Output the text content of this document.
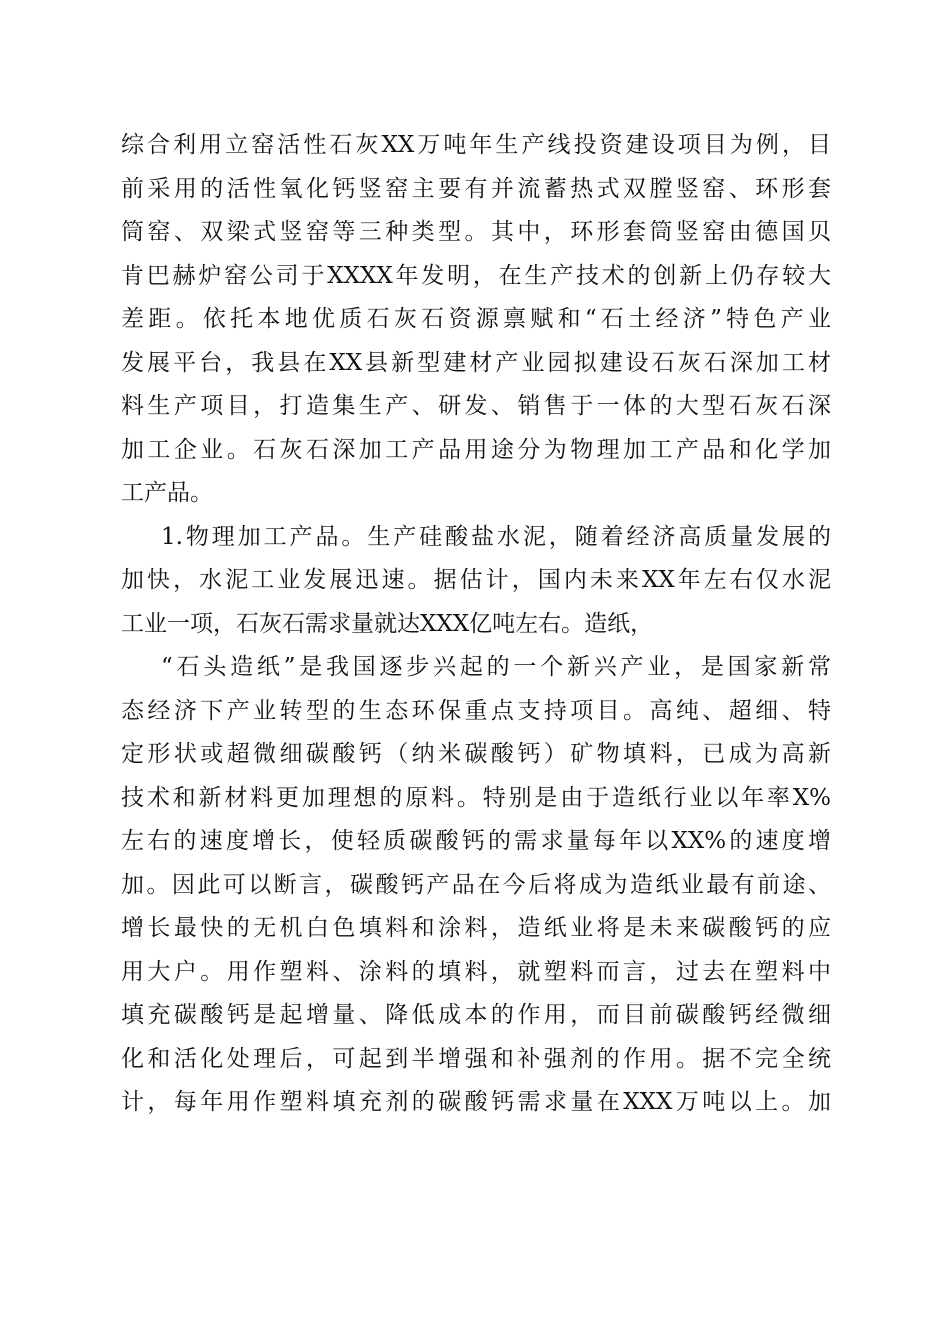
综合利用立窑活性石灰XX万吨年生产线投资建设项目为例，目
前采用的活性氧化钙竖窑主要有并流蓄热式双膛竖窑、环形套
筒窑、双梁式竖窑等三种类型。其中，环形套筒竖窑由德国贝
肯巴赫炉窑公司于XXXX年发明，在生产技术的创新上仍存较大
差距。依托本地优质石灰石资源禀赋和“石土经济”特色产业
发展平台，我县在XX县新型建材产业园拟建设石灰石深加工材
料生产项目，打造集生产、研发、销售于一体的大型石灰石深
加工企业。石灰石深加工产品用途分为物理加工产品和化学加
工产品。
1.物理加工产品。生产硅酸盐水泥，随着经济高质量发展的
加快，水泥工业发展迅速。据估计，国内未来XX年左右仅水泥
工业一项，石灰石需求量就达XXX亿吨左右。造纸，
“石头造纸”是我国逐步兴起的一个新兴产业，是国家新常
态经济下产业转型的生态环保重点支持项目。高纯、超细、特
定形状或超微细碳酸钙（纳米碳酸钙）矿物填料，已成为高新
技术和新材料更加理想的原料。特别是由于造纸行业以年率X%
左右的速度增长，使轻质碳酸钙的需求量每年以XX%的速度增
加。因此可以断言，碳酸钙产品在今后将成为造纸业最有前途、
增长最快的无机白色填料和涂料，造纸业将是未来碳酸钙的应
用大户。用作塑料、涂料的填料，就塑料而言，过去在塑料中
填充碳酸钙是起增量、降低成本的作用，而目前碳酸钙经微细
化和活化处理后，可起到半增强和补强剂的作用。据不完全统
计，每年用作塑料填充剂的碳酸钙需求量在XXX万吨以上。加
